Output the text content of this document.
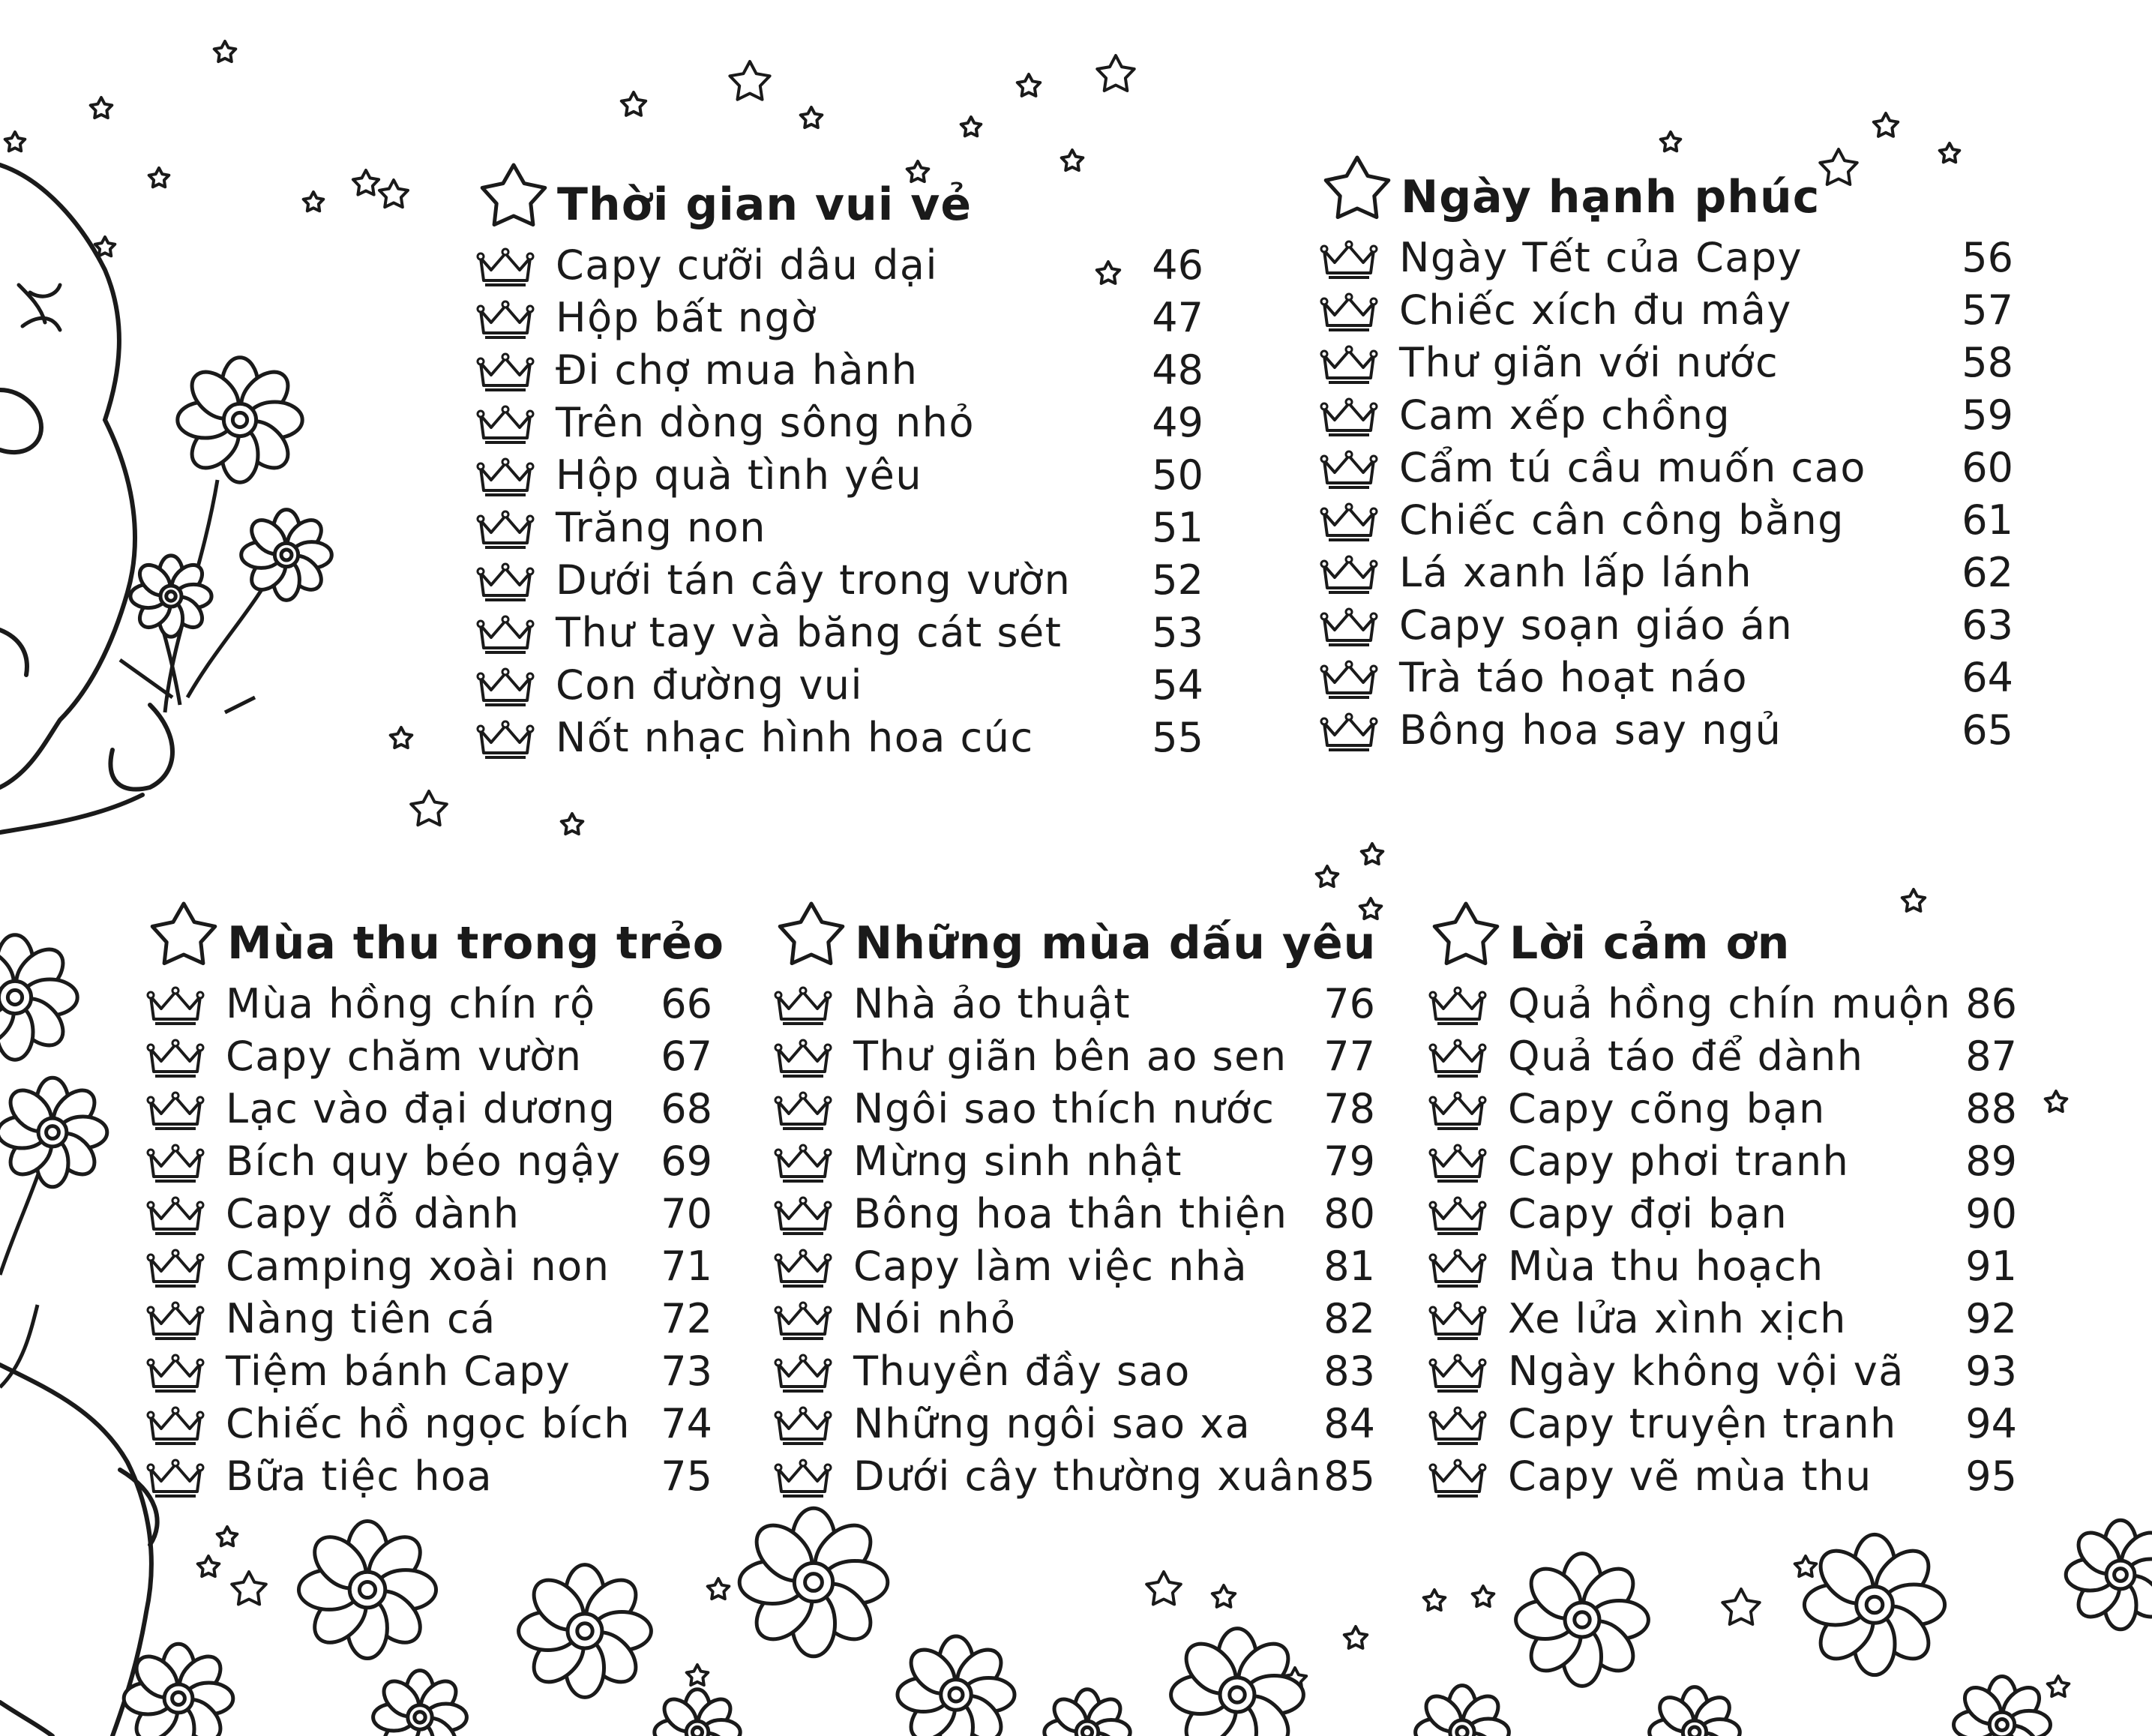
Thời gian vui vẻ
Capy cưỡi dâu dại	46
Hộp bất ngờ	47
Đi chợ mua hành	48
Trên dòng sông nhỏ	49
Hộp quà tình yêu	50
Trăng non	51
Dưới tán cây trong vườn 52
Thư tay và băng cát sét 53
Con đường vui	54
Nốt nhạc hình hoa cúc	55
Ngày hạnh phúc
Ngày Tết của Capy	56
Chiếc xích đu mây	57
Thư giãn với nước	58
Cam xếp chồng	59
Cẩm tú cầu muốn cao 60
Chiếc cân công bằng	61
Lá xanh lấp lánh	62
Capy soạn giáo án	63
Trà táo hoạt náo	64
Bông hoa say ngủ	65
Mùa thu trong trẻo
Mùa hồng chín rộ 66
Capy chăm vườn 67
Lạc vào đại dương 68
Bích quy béo ngậy 69
Capy dỗ dành	70
Camping xoài non 71
Nàng tiên cá	72
Tiệm bánh Capy 73
Chiếc hồ ngọc bích 74
Bữa tiệc hoa	75
Những mùa dấu yêu
Nhà ảo thuật	76
Thư giãn bên ao sen 77
Ngôi sao thích nước 78
Mừng sinh nhật	79
Bông hoa thân thiện 80
Capy làm việc nhà 81
Nói nhỏ	82
Thuyền đầy sao	83
Những ngôi sao xa 84
Dưới cây thường xuân 85
Lời cảm ơn
Quả hồng chín muộn 86
Quả táo để dành	87
Capy cõng bạn	88
Capy phơi tranh	89
Capy đợi bạn	90
Mùa thu hoạch	91
Xe lửa xình xịch	92
Ngày không vội vã 93
Capy truyện tranh 94
Capy vẽ mùa thu 95
